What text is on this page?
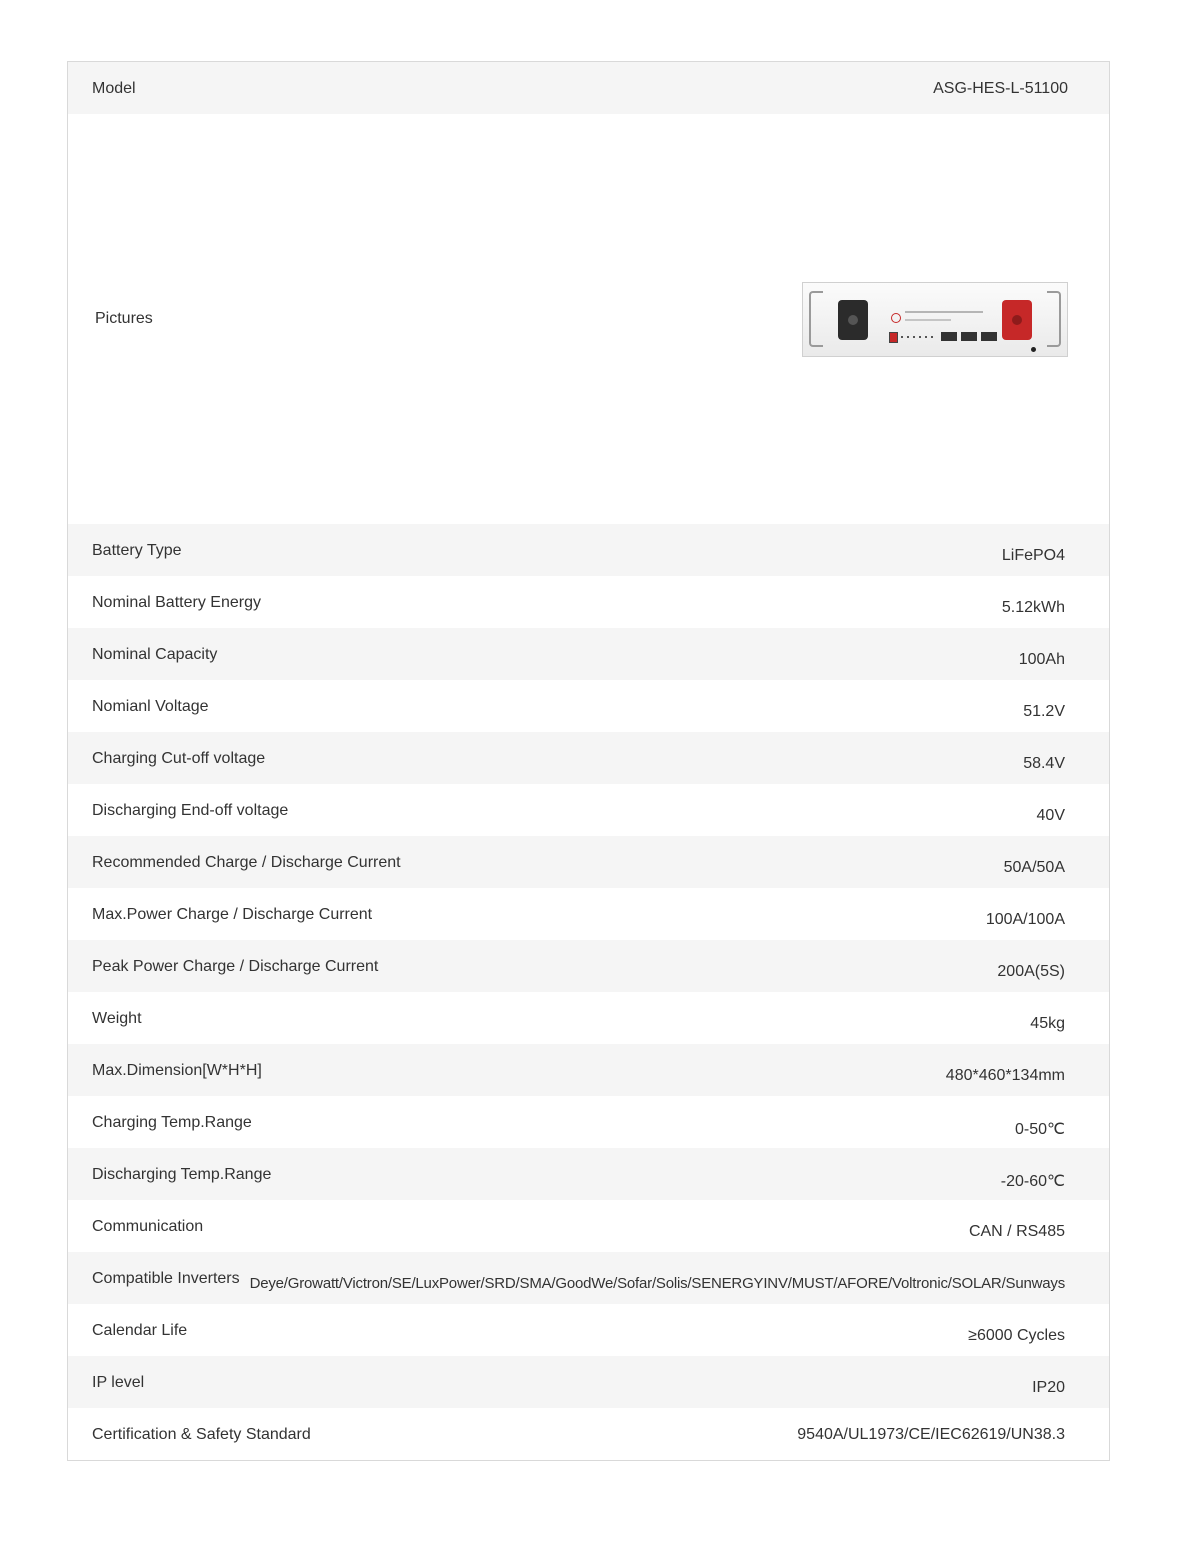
Model	ASG-HES-L-51100
Pictures
Battery Type	LiFePO4
Nominal Battery Energy	5.12kWh
Nominal Capacity	100Ah
Nomianl Voltage	51.2V
Charging Cut-off voltage	58.4V
Discharging End-off voltage	40V
Recommended Charge / Discharge Current	50A/50A
Max.Power Charge / Discharge Current	100A/100A
Peak Power Charge / Discharge Current	200A(5S)
Weight	45kg
Max.Dimension[W*H*H]	480*460*134mm
Charging Temp.Range	0-50℃
Discharging Temp.Range	-20-60℃
Communication	CAN / RS485
Compatible Inverters Deye/Growatt/Victron/SE/LuxPower/SRD/SMA/GoodWe/Sofar/Solis/SENERGYINV/MUST/AFORE/Voltronic/SOLAR/Sunways
Calendar Life	≥6000 Cycles
IP level	IP20
Certification & Safety Standard	9540A/UL1973/CE/IEC62619/UN38.3
